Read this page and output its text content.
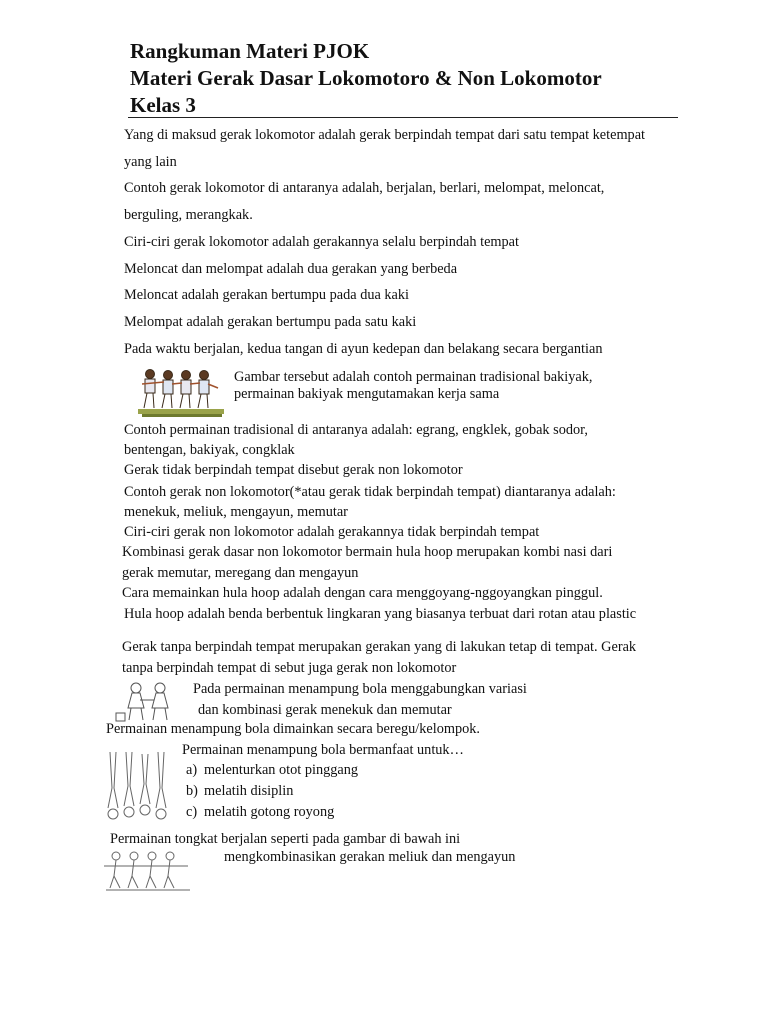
Rangkuman Materi PJOK
Materi Gerak Dasar Lokomotoro & Non Lokomotor
Kelas 3
Yang di maksud gerak lokomotor adalah gerak berpindah tempat dari satu tempat ketempat
yang lain
Contoh gerak lokomotor di antaranya adalah, berjalan, berlari, melompat, meloncat,
berguling, merangkak.
Ciri-ciri gerak lokomotor adalah gerakannya selalu berpindah tempat
Meloncat dan melompat adalah dua gerakan yang berbeda
Meloncat adalah gerakan bertumpu pada dua kaki
Melompat adalah gerakan bertumpu pada satu kaki
Pada waktu berjalan, kedua tangan di ayun kedepan dan belakang secara bergantian
Gambar tersebut adalah contoh permainan tradisional bakiyak,
permainan bakiyak mengutamakan kerja sama
Contoh permainan tradisional di antaranya adalah: egrang, engklek, gobak sodor,
bentengan, bakiyak, congklak
Gerak tidak berpindah tempat disebut gerak non lokomotor
Contoh gerak non lokomotor(*atau gerak tidak berpindah tempat) diantaranya adalah:
menekuk, meliuk, mengayun, memutar
Ciri-ciri gerak non lokomotor adalah gerakannya tidak berpindah tempat
Kombinasi gerak dasar non lokomotor bermain hula hoop merupakan kombi nasi dari
gerak memutar, meregang dan mengayun
Cara memainkan hula hoop adalah dengan cara menggoyang-nggoyangkan pinggul.
Hula hoop adalah benda berbentuk lingkaran yang biasanya terbuat dari rotan atau plastic
Gerak tanpa berpindah tempat merupakan gerakan yang di lakukan tetap di tempat. Gerak
tanpa berpindah tempat di sebut juga gerak non lokomotor
Pada permainan menampung bola menggabungkan variasi
dan kombinasi gerak menekuk dan memutar
Permainan menampung bola dimainkan secara beregu/kelompok.
Permainan menampung bola bermanfaat untuk…
a) melenturkan otot pinggang
b) melatih disiplin
c) melatih gotong royong
Permainan tongkat berjalan seperti pada gambar di bawah ini
mengkombinasikan gerakan meliuk dan mengayun
